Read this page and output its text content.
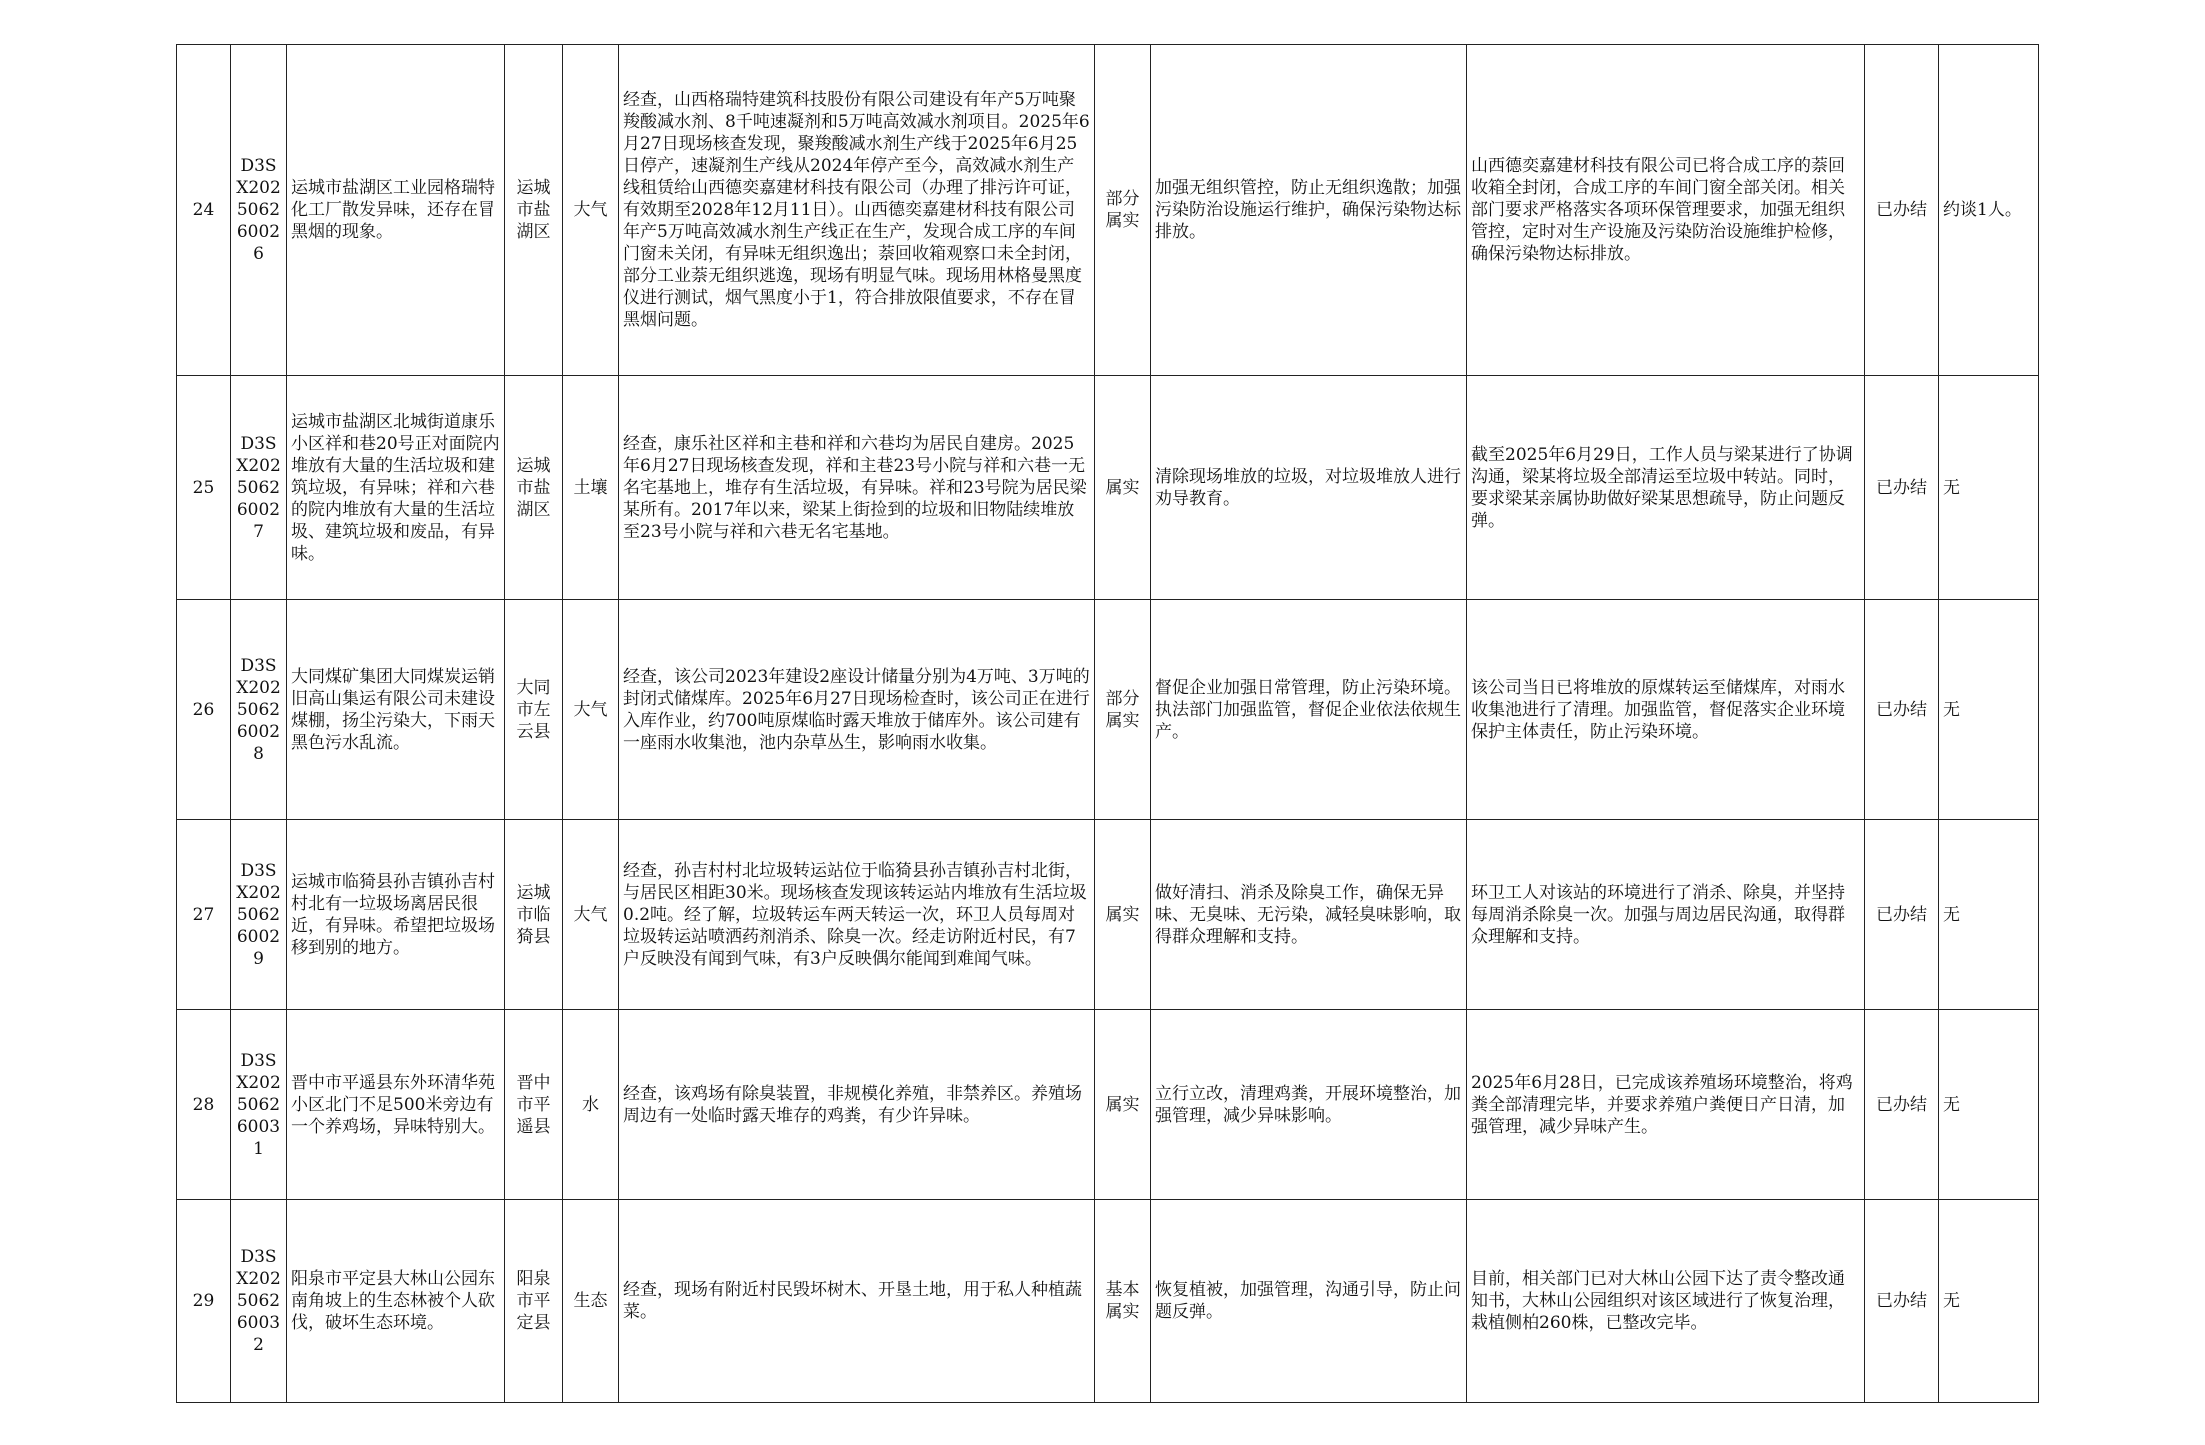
24	D3SX202506260026	运城市盐湖区工业园格瑞特化工厂散发异味，还存在冒黑烟的现象。	运城市盐湖区	大气	经查，山西格瑞特建筑科技股份有限公司建设有年产5万吨聚羧酸减水剂、8千吨速凝剂和5万吨高效减水剂项目。2025年6月27日现场核查发现，聚羧酸减水剂生产线于2025年6月25日停产，速凝剂生产线从2024年停产至今，高效减水剂生产线租赁给山西德奕嘉建材科技有限公司（办理了排污许可证，有效期至2028年12月11日）。山西德奕嘉建材科技有限公司年产5万吨高效减水剂生产线正在生产，发现合成工序的车间门窗未关闭，有异味无组织逸出；萘回收箱观察口未全封闭，部分工业萘无组织逃逸，现场有明显气味。现场用林格曼黑度仪进行测试，烟气黑度小于1，符合排放限值要求，不存在冒黑烟问题。	部分属实	加强无组织管控，防止无组织逸散；加强污染防治设施运行维护，确保污染物达标排放。	山西德奕嘉建材科技有限公司已将合成工序的萘回收箱全封闭，合成工序的车间门窗全部关闭。相关部门要求严格落实各项环保管理要求，加强无组织管控，定时对生产设施及污染防治设施维护检修，确保污染物达标排放。	已办结	约谈1人。
25	D3SX202506260027	运城市盐湖区北城街道康乐小区祥和巷20号正对面院内堆放有大量的生活垃圾和建筑垃圾，有异味；祥和六巷的院内堆放有大量的生活垃圾、建筑垃圾和废品，有异味。	运城市盐湖区	土壤	经查，康乐社区祥和主巷和祥和六巷均为居民自建房。2025年6月27日现场核查发现，祥和主巷23号小院与祥和六巷一无名宅基地上，堆存有生活垃圾，有异味。祥和23号院为居民梁某所有。2017年以来，梁某上街捡到的垃圾和旧物陆续堆放至23号小院与祥和六巷无名宅基地。	属实	清除现场堆放的垃圾，对垃圾堆放人进行劝导教育。	截至2025年6月29日，工作人员与梁某进行了协调沟通，梁某将垃圾全部清运至垃圾中转站。同时，要求梁某亲属协助做好梁某思想疏导，防止问题反弹。	已办结	无
26	D3SX202506260028	大同煤矿集团大同煤炭运销旧高山集运有限公司未建设煤棚，扬尘污染大，下雨天黑色污水乱流。	大同市左云县	大气	经查，该公司2023年建设2座设计储量分别为4万吨、3万吨的封闭式储煤库。2025年6月27日现场检查时，该公司正在进行入库作业，约700吨原煤临时露天堆放于储库外。该公司建有一座雨水收集池，池内杂草丛生，影响雨水收集。	部分属实	督促企业加强日常管理，防止污染环境。执法部门加强监管，督促企业依法依规生产。	该公司当日已将堆放的原煤转运至储煤库，对雨水收集池进行了清理。加强监管，督促落实企业环境保护主体责任，防止污染环境。	已办结	无
27	D3SX202506260029	运城市临猗县孙吉镇孙吉村村北有一垃圾场离居民很近，有异味。希望把垃圾场移到别的地方。	运城市临猗县	大气	经查，孙吉村村北垃圾转运站位于临猗县孙吉镇孙吉村北街，与居民区相距30米。现场核查发现该转运站内堆放有生活垃圾0.2吨。经了解，垃圾转运车两天转运一次，环卫人员每周对垃圾转运站喷洒药剂消杀、除臭一次。经走访附近村民，有7户反映没有闻到气味，有3户反映偶尔能闻到难闻气味。	属实	做好清扫、消杀及除臭工作，确保无异味、无臭味、无污染，减轻臭味影响，取得群众理解和支持。	环卫工人对该站的环境进行了消杀、除臭，并坚持每周消杀除臭一次。加强与周边居民沟通，取得群众理解和支持。	已办结	无
28	D3SX202506260031	晋中市平遥县东外环清华苑小区北门不足500米旁边有一个养鸡场，异味特别大。	晋中市平遥县	水	经查，该鸡场有除臭装置，非规模化养殖，非禁养区。养殖场周边有一处临时露天堆存的鸡粪，有少许异味。	属实	立行立改，清理鸡粪，开展环境整治，加强管理，减少异味影响。	2025年6月28日，已完成该养殖场环境整治，将鸡粪全部清理完毕，并要求养殖户粪便日产日清，加强管理，减少异味产生。	已办结	无
29	D3SX202506260032	阳泉市平定县大林山公园东南角坡上的生态林被个人砍伐，破坏生态环境。	阳泉市平定县	生态	经查，现场有附近村民毁坏树木、开垦土地，用于私人种植蔬菜。	基本属实	恢复植被，加强管理，沟通引导，防止问题反弹。	目前，相关部门已对大林山公园下达了责令整改通知书，大林山公园组织对该区域进行了恢复治理，栽植侧柏260株，已整改完毕。	已办结	无
